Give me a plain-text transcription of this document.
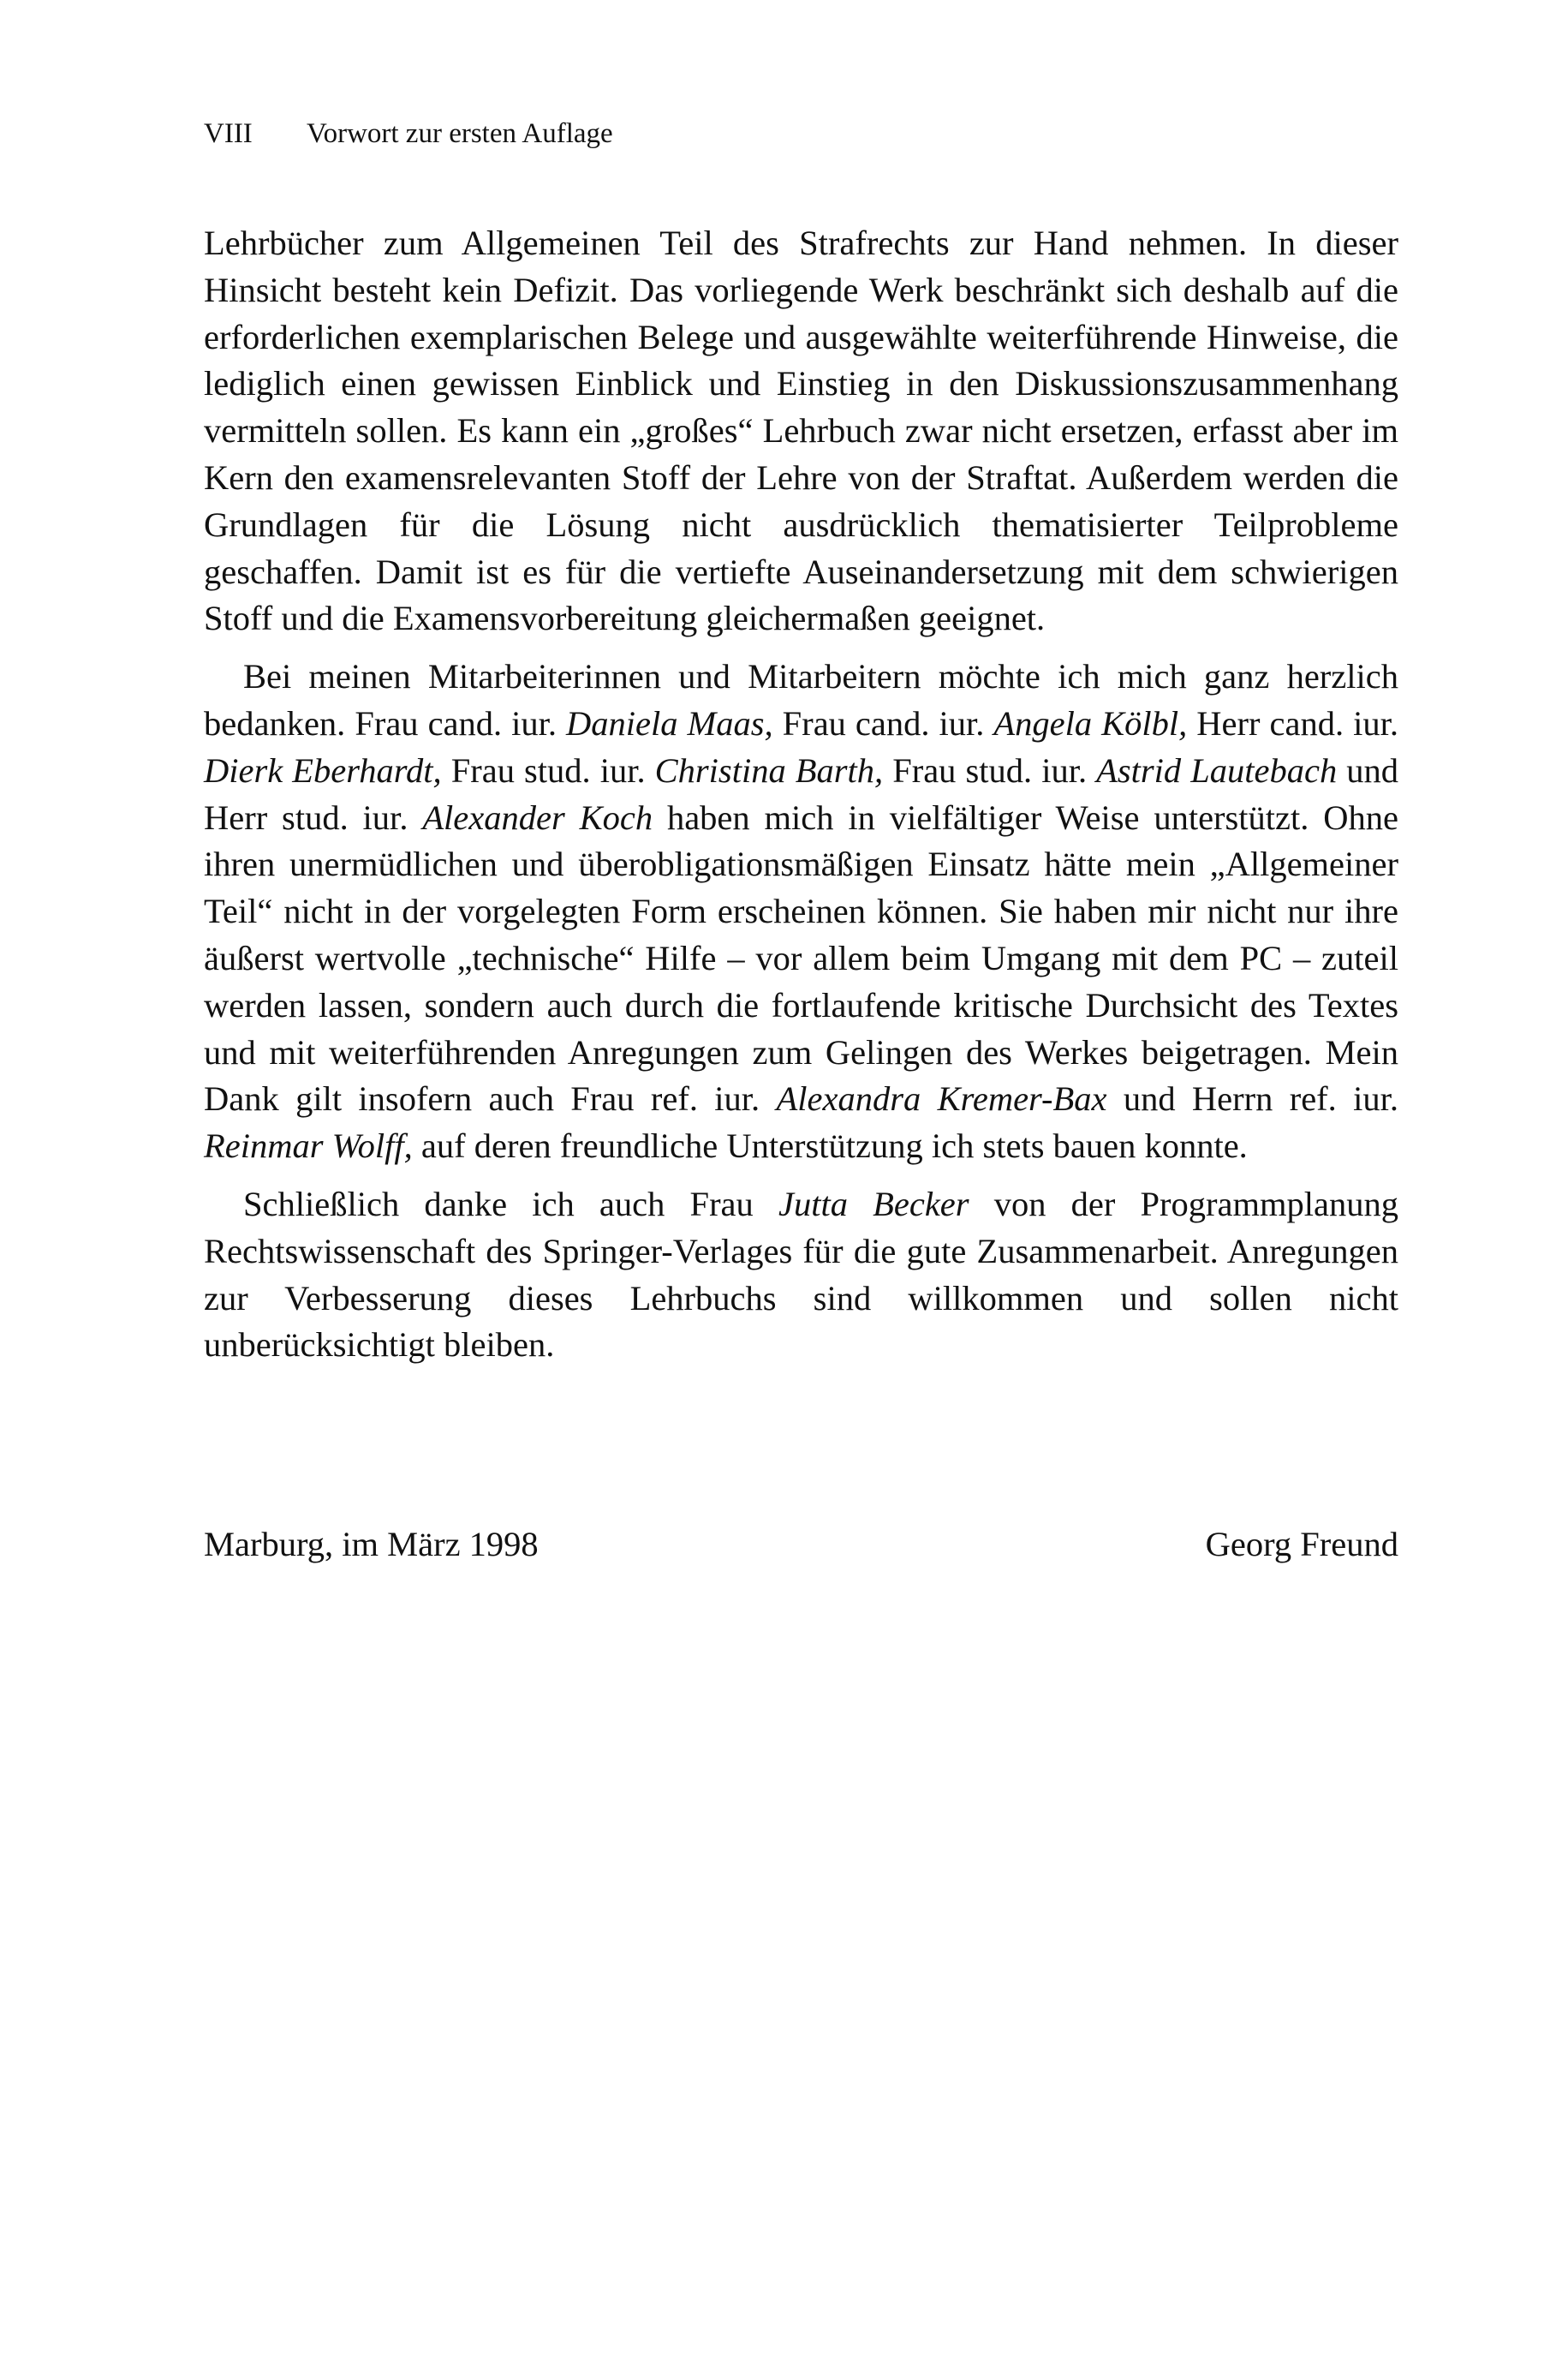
VIII Vorwort zur ersten Auflage

Lehrbücher zum Allgemeinen Teil des Strafrechts zur Hand nehmen. In dieser Hinsicht besteht kein Defizit. Das vorliegende Werk beschränkt sich deshalb auf die erforderlichen exemplarischen Belege und ausgewählte weiterführende Hinweise, die lediglich einen gewissen Einblick und Einstieg in den Diskussionszusammenhang vermitteln sollen. Es kann ein „großes“ Lehrbuch zwar nicht ersetzen, erfasst aber im Kern den examensrelevanten Stoff der Lehre von der Straftat. Außerdem werden die Grundlagen für die Lösung nicht ausdrücklich thematisierter Teilprobleme geschaffen. Damit ist es für die vertiefte Auseinandersetzung mit dem schwierigen Stoff und die Examensvorbereitung gleichermaßen geeignet.

Bei meinen Mitarbeiterinnen und Mitarbeitern möchte ich mich ganz herzlich bedanken. Frau cand. iur. Daniela Maas, Frau cand. iur. Angela Kölbl, Herr cand. iur. Dierk Eberhardt, Frau stud. iur. Christina Barth, Frau stud. iur. Astrid Lautebach und Herr stud. iur. Alexander Koch haben mich in vielfältiger Weise unterstützt. Ohne ihren unermüdlichen und überobligationsmäßigen Einsatz hätte mein „Allgemeiner Teil“ nicht in der vorgelegten Form erscheinen können. Sie haben mir nicht nur ihre äußerst wertvolle „technische“ Hilfe – vor allem beim Umgang mit dem PC – zuteil werden lassen, sondern auch durch die fortlaufende kritische Durchsicht des Textes und mit weiterführenden Anregungen zum Gelingen des Werkes beigetragen. Mein Dank gilt insofern auch Frau ref. iur. Alexandra Kremer-Bax und Herrn ref. iur. Reinmar Wolff, auf deren freundliche Unterstützung ich stets bauen konnte.

Schließlich danke ich auch Frau Jutta Becker von der Programmplanung Rechtswissenschaft des Springer-Verlages für die gute Zusammenarbeit. Anregungen zur Verbesserung dieses Lehrbuchs sind willkommen und sollen nicht unberücksichtigt bleiben.

Marburg, im März 1998	Georg Freund
